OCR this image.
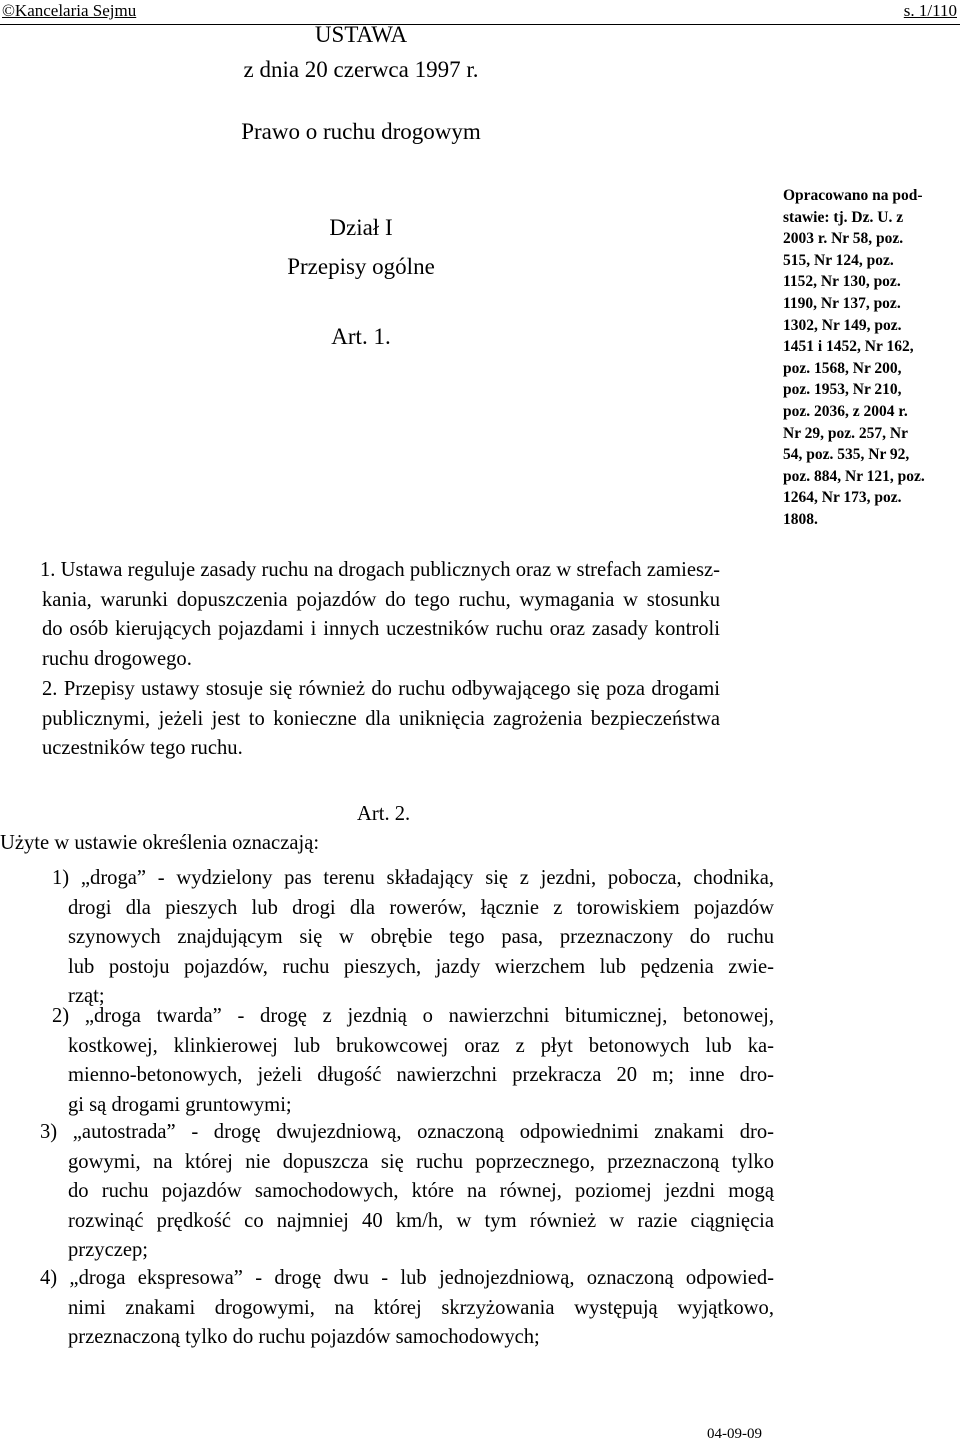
©Kancelaria Sejmu	s. 1/110
USTAWA
z dnia 20 czerwca 1997 r.
Prawo o ruchu drogowym
Dział I
Przepisy ogólne
Art. 1.
Opracowano na pod-
stawie: tj. Dz. U. z
2003 r. Nr 58, poz.
515, Nr 124, poz.
1152, Nr 130, poz.
1190, Nr 137, poz.
1302, Nr 149, poz.
1451 i 1452, Nr 162,
poz. 1568, Nr 200,
poz. 1953, Nr 210,
poz. 2036, z 2004 r.
Nr 29, poz. 257, Nr
54, poz. 535, Nr 92,
poz. 884, Nr 121, poz.
1264, Nr 173, poz.
1808.
1. Ustawa reguluje zasady ruchu na drogach publicznych oraz w strefach zamiesz-
kania, warunki dopuszczenia pojazdów do tego ruchu, wymagania w stosunku
do osób kierujących pojazdami i innych uczestników ruchu oraz zasady kontroli
ruchu drogowego.
2. Przepisy ustawy stosuje się również do ruchu odbywającego się poza drogami
publicznymi, jeżeli jest to konieczne dla uniknięcia zagrożenia bezpieczeństwa
uczestników tego ruchu.
Art. 2.
Użyte w ustawie określenia oznaczają:
1) „droga” - wydzielony pas terenu składający się z jezdni, pobocza, chodnika,
drogi dla pieszych lub drogi dla rowerów, łącznie z torowiskiem pojazdów
szynowych znajdującym się w obrębie tego pasa, przeznaczony do ruchu
lub postoju pojazdów, ruchu pieszych, jazdy wierzchem lub pędzenia zwie-
rząt;
2) „droga twarda” - drogę z jezdnią o nawierzchni bitumicznej, betonowej,
kostkowej, klinkierowej lub brukowcowej oraz z płyt betonowych lub ka-
mienno-betonowych, jeżeli długość nawierzchni przekracza 20 m; inne dro-
gi są drogami gruntowymi;
3) „autostrada” - drogę dwujezdniową, oznaczoną odpowiednimi znakami dro-
gowymi, na której nie dopuszcza się ruchu poprzecznego, przeznaczoną tylko
do ruchu pojazdów samochodowych, które na równej, poziomej jezdni mogą
rozwinąć prędkość co najmniej 40 km/h, w tym również w razie ciągnięcia
przyczep;
4) „droga ekspresowa” - drogę dwu - lub jednojezdniową, oznaczoną odpowied-
nimi znakami drogowymi, na której skrzyżowania występują wyjątkowo,
przeznaczoną tylko do ruchu pojazdów samochodowych;
04-09-09
